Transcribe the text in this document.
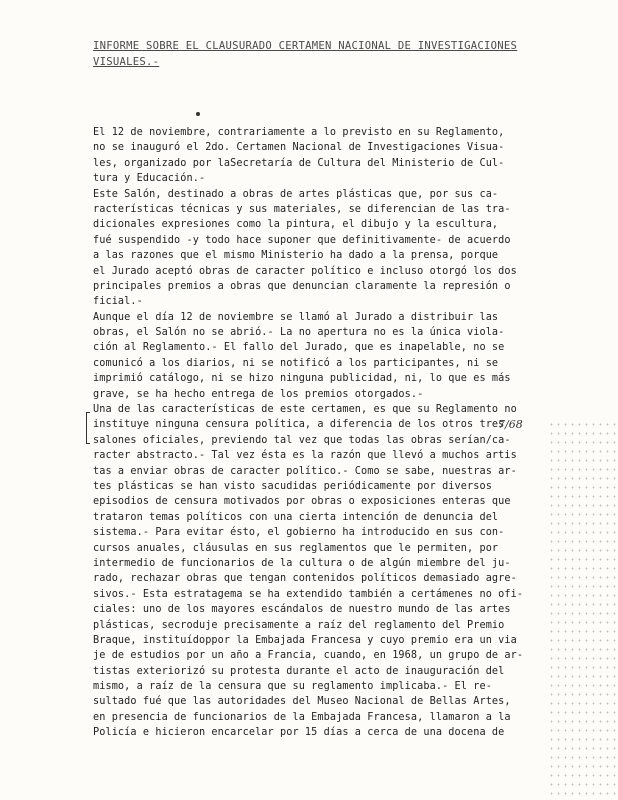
INFORME SOBRE EL CLAUSURADO CERTAMEN NACIONAL DE INVESTIGACIONES
VISUALES.-
El 12 de noviembre, contrariamente a lo previsto en su Reglamento,
no se inauguró el 2do. Certamen Nacional de Investigaciones Visua-
les, organizado por laSecretaría de Cultura del Ministerio de Cul-
tura y Educación.-
Este Salón, destinado a obras de artes plásticas que, por sus ca-
racterísticas técnicas y sus materiales, se diferencian de las tra-
dicionales expresiones como la pintura, el dibujo y la escultura,
fué suspendido -y todo hace suponer que definitivamente- de acuerdo
a las razones que el mismo Ministerio ha dado a la prensa, porque
el Jurado aceptó obras de caracter político e incluso otorgó los dos
principales premios a obras que denuncian claramente la represión o
ficial.-
Aunque el día 12 de noviembre se llamó al Jurado a distribuir las
obras, el Salón no se abrió.- La no apertura no es la única viola-
ción al Reglamento.- El fallo del Jurado, que es inapelable, no se
comunicó a los diarios, ni se notificó a los participantes, ni se
imprimió catálogo, ni se hizo ninguna publicidad, ni, lo que es más
grave, se ha hecho entrega de los premios otorgados.-
Una de las características de este certamen, es que su Reglamento no
instituye ninguna censura política, a diferencia de los otros tres
salones oficiales, previendo tal vez que todas las obras serían/ca-
racter abstracto.- Tal vez ésta es la razón que llevó a muchos artis
tas a enviar obras de caracter político.- Como se sabe, nuestras ar-
tes plásticas se han visto sacudidas periódicamente por diversos
episodios de censura motivados por obras o exposiciones enteras que
trataron temas políticos con una cierta intención de denuncia del
sistema.- Para evitar ésto, el gobierno ha introducido en sus con-
cursos anuales, cláusulas en sus reglamentos que le permiten, por
intermedio de funcionarios de la cultura o de algún miembre del ju-
rado, rechazar obras que tengan contenidos políticos demasiado agre-
sivos.- Esta estratagema se ha extendido también a certámenes no ofi-
ciales: uno de los mayores escándalos de nuestro mundo de las artes
plásticas, secroduje precisamente a raíz del reglamento del Premio
Braque, instituídoppor la Embajada Francesa y cuyo premio era un via
je de estudios por un año a Francia, cuando, en 1968, un grupo de ar-
tistas exteriorizó su protesta durante el acto de inauguración del
mismo, a raíz de la censura que su reglamento implicaba.- El re-
sultado fué que las autoridades del Museo Nacional de Bellas Artes,
en presencia de funcionarios de la Embajada Francesa, llamaron a la
Policía e hicieron encarcelar por 15 días a cerca de una docena de
7/68
